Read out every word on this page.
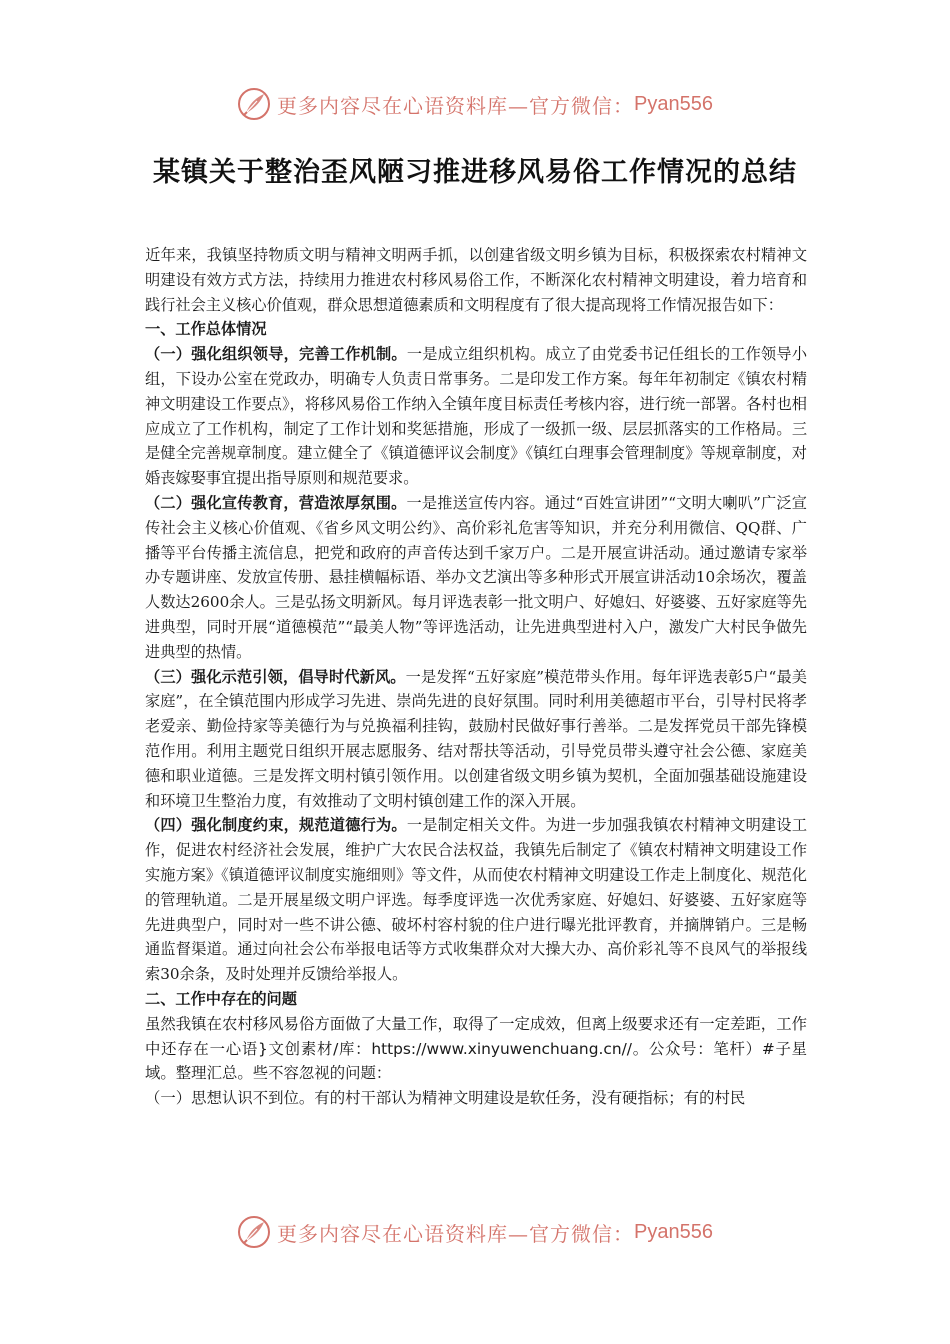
更多内容尽在心语资料库—官方微信： Pyan556
某镇关于整治歪风陋习推进移风易俗工作情况的总结

近年来，我镇坚持物质文明与精神文明两手抓，以创建省级文明乡镇为目标，积极探索农村精神文明建设有效方式方法，持续用力推进农村移风易俗工作，不断深化农村精神文明建设，着力培育和践行社会主义核心价值观，群众思想道德素质和文明程度有了很大提高现将工作情况报告如下：

一、工作总体情况

（一）强化组织领导，完善工作机制。一是成立组织机构。成立了由党委书记任组长的工作领导小组，下设办公室在党政办，明确专人负责日常事务。二是印发工作方案。每年年初制定《镇农村精神文明建设工作要点》，将移风易俗工作纳入全镇年度目标责任考核内容，进行统一部署。各村也相应成立了工作机构，制定了工作计划和奖惩措施，形成了一级抓一级、层层抓落实的工作格局。三是健全完善规章制度。建立健全了《镇道德评议会制度》《镇红白理事会管理制度》等规章制度，对婚丧嫁娶事宜提出指导原则和规范要求。

（二）强化宣传教育，营造浓厚氛围。一是推送宣传内容。通过“百姓宣讲团”“文明大喇叭”广泛宣传社会主义核心价值观、《省乡风文明公约》、高价彩礼危害等知识，并充分利用微信、QQ群、广播等平台传播主流信息，把党和政府的声音传达到千家万户。二是开展宣讲活动。通过邀请专家举办专题讲座、发放宣传册、悬挂横幅标语、举办文艺演出等多种形式开展宣讲活动10余场次，覆盖人数达2600余人。三是弘扬文明新风。每月评选表彰一批文明户、好媳妇、好婆婆、五好家庭等先进典型，同时开展“道德模范”“最美人物”等评选活动，让先进典型进村入户，激发广大村民争做先进典型的热情。

（三）强化示范引领，倡导时代新风。一是发挥“五好家庭”模范带头作用。每年评选表彰5户“最美家庭”，在全镇范围内形成学习先进、崇尚先进的良好氛围。同时利用美德超市平台，引导村民将孝老爱亲、勤俭持家等美德行为与兑换福利挂钩，鼓励村民做好事行善举。二是发挥党员干部先锋模范作用。利用主题党日组织开展志愿服务、结对帮扶等活动，引导党员带头遵守社会公德、家庭美德和职业道德。三是发挥文明村镇引领作用。以创建省级文明乡镇为契机，全面加强基础设施建设和环境卫生整治力度，有效推动了文明村镇创建工作的深入开展。

（四）强化制度约束，规范道德行为。一是制定相关文件。为进一步加强我镇农村精神文明建设工作，促进农村经济社会发展，维护广大农民合法权益，我镇先后制定了《镇农村精神文明建设工作实施方案》《镇道德评议制度实施细则》等文件，从而使农村精神文明建设工作走上制度化、规范化的管理轨道。二是开展星级文明户评选。每季度评选一次优秀家庭、好媳妇、好婆婆、五好家庭等先进典型户，同时对一些不讲公德、破坏村容村貌的住户进行曝光批评教育，并摘牌销户。三是畅通监督渠道。通过向社会公布举报电话等方式收集群众对大操大办、高价彩礼等不良风气的举报线索30余条，及时处理并反馈给举报人。

二、工作中存在的问题

虽然我镇在农村移风易俗方面做了大量工作，取得了一定成效，但离上级要求还有一定差距，工作中还存在一心语}文创素材/库：https://www.xinyuwenchuang.cn//。公众号：笔杆）#子星域。整理汇总。些不容忽视的问题：

（一）思想认识不到位。有的村干部认为精神文明建设是软任务，没有硬指标；有的村民

更多内容尽在心语资料库—官方微信： Pyan556
